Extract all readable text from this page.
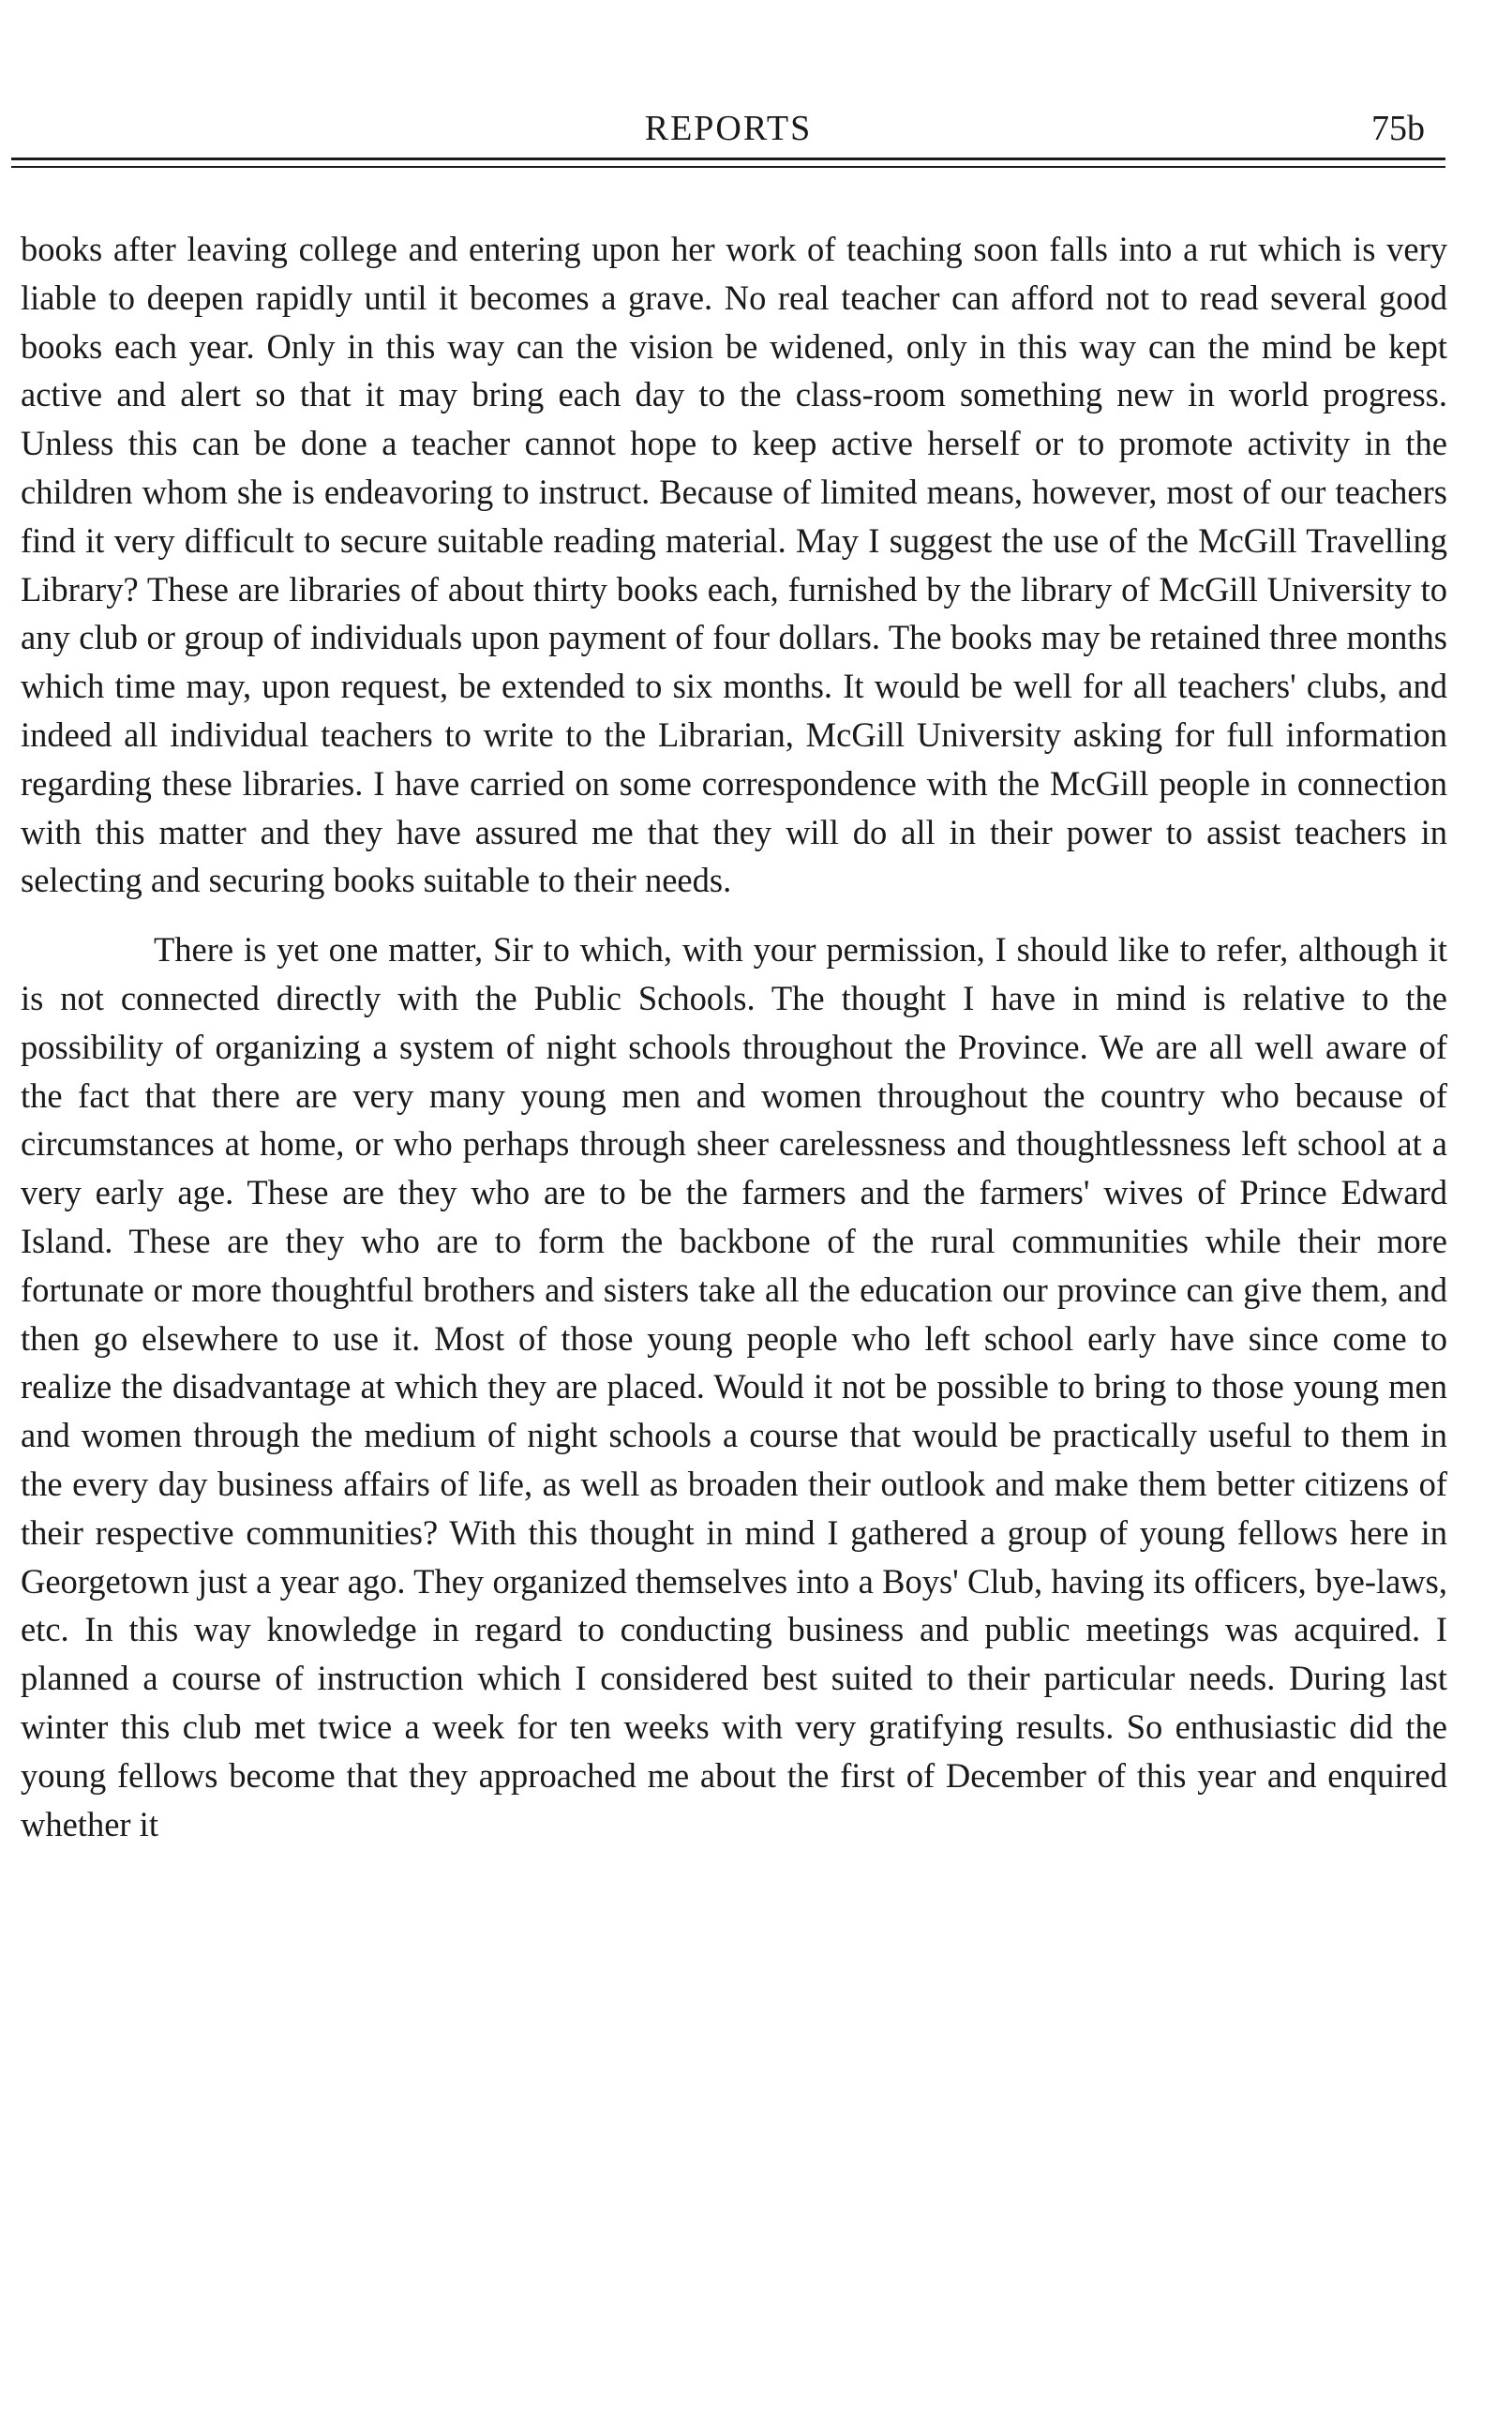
REPORTS	75b

books after leaving college and entering upon her work of teaching soon falls into a rut which is very liable to deepen rapidly until it becomes a grave. No real teacher can afford not to read several good books each year. Only in this way can the vision be widened, only in this way can the mind be kept active and alert so that it may bring each day to the class-room something new in world progress. Unless this can be done a teacher cannot hope to keep active herself or to promote activity in the children whom she is endeavoring to instruct. Because of limited means, however, most of our teachers find it very difficult to secure suitable reading material. May I suggest the use of the McGill Travelling Library? These are libraries of about thirty books each, furnished by the library of McGill University to any club or group of individuals upon payment of four dollars. The books may be retained three months which time may, upon request, be extended to six months. It would be well for all teachers' clubs, and indeed all individual teachers to write to the Librarian, McGill University asking for full information regarding these libraries. I have carried on some correspondence with the McGill people in connection with this matter and they have assured me that they will do all in their power to assist teachers in selecting and securing books suitable to their needs.

There is yet one matter, Sir to which, with your permission, I should like to refer, although it is not connected directly with the Public Schools. The thought I have in mind is relative to the possibility of organizing a system of night schools throughout the Province. We are all well aware of the fact that there are very many young men and women throughout the country who because of circumstances at home, or who perhaps through sheer carelessness and thoughtlessness left school at a very early age. These are they who are to be the farmers and the farmers' wives of Prince Edward Island. These are they who are to form the backbone of the rural communities while their more fortunate or more thoughtful brothers and sisters take all the education our province can give them, and then go elsewhere to use it. Most of those young people who left school early have since come to realize the disadvantage at which they are placed. Would it not be possible to bring to those young men and women through the medium of night schools a course that would be practically useful to them in the every day business affairs of life, as well as broaden their outlook and make them better citizens of their respective communities? With this thought in mind I gathered a group of young fellows here in Georgetown just a year ago. They organized themselves into a Boys' Club, having its officers, bye-laws, etc. In this way knowledge in regard to conducting business and public meetings was acquired. I planned a course of instruction which I considered best suited to their particular needs. During last winter this club met twice a week for ten weeks with very gratifying results. So enthusiastic did the young fellows become that they approached me about the first of December of this year and enquired whether it
